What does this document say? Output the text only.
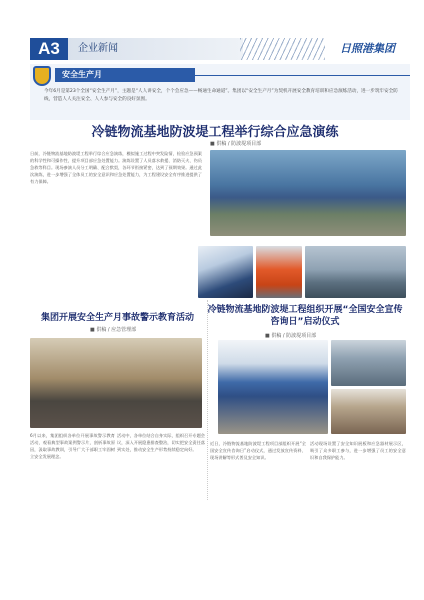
A3	企业新闻	日照港集团
安全生产月
今年6月是第23个全国“安全生产月”，主题是“人人讲安全，个个会应急——畅通生命通道”。集团以“安全生产月”为契机开展安全教育培训和应急演练活动，进一步筑牢安全防线，营造人人关注安全、人人参与安全的良好氛围。
冷链物流基地防波堤工程举行综合应急演练
■ 供稿 / 防波堤项目部
日前，冷链物流基地防波堤工程举行综合应急演练，模拟施工过程中突发险情，检验应急预案的科学性和可操作性，提升项目部应急处置能力。演练设置了人员落水救援、消防灭火、伤员急救等科目。现场参演人员分工明确、配合默契，各环节衔接紧密，达到了预期效果。通过此次演练，进一步增强了全体员工的安全意识和应急处置能力，为工程建设安全有序推进提供了有力保障。
集团开展安全生产月事故警示教育活动
■ 供稿 / 应急管理部
冷链物流基地防波堤工程组织开展“全国安全宣传咨询日”启动仪式
■ 供稿 / 防波堤项目部
6月以来，集团组织各单位开展事故警示教育活动，观看典型事故案例警示片，剖析事故原因，汲取事故教训，引导广大干部职工牢固树立安全发展理念。
活动中，各单位结合自身实际，组织召开专题会议，深入开展隐患排查整治，切实把安全责任落到实处，推动安全生产形势持续稳定向好。
近日，冷链物流基地防波堤工程项目部组织开展“全国安全宣传咨询日”启动仪式，通过发放宣传资料、现场讲解等形式普及安全知识。
活动现场设置了安全知识展板和应急器材展示区，吸引了众多职工参与，进一步增强了员工的安全意识和自我保护能力。
